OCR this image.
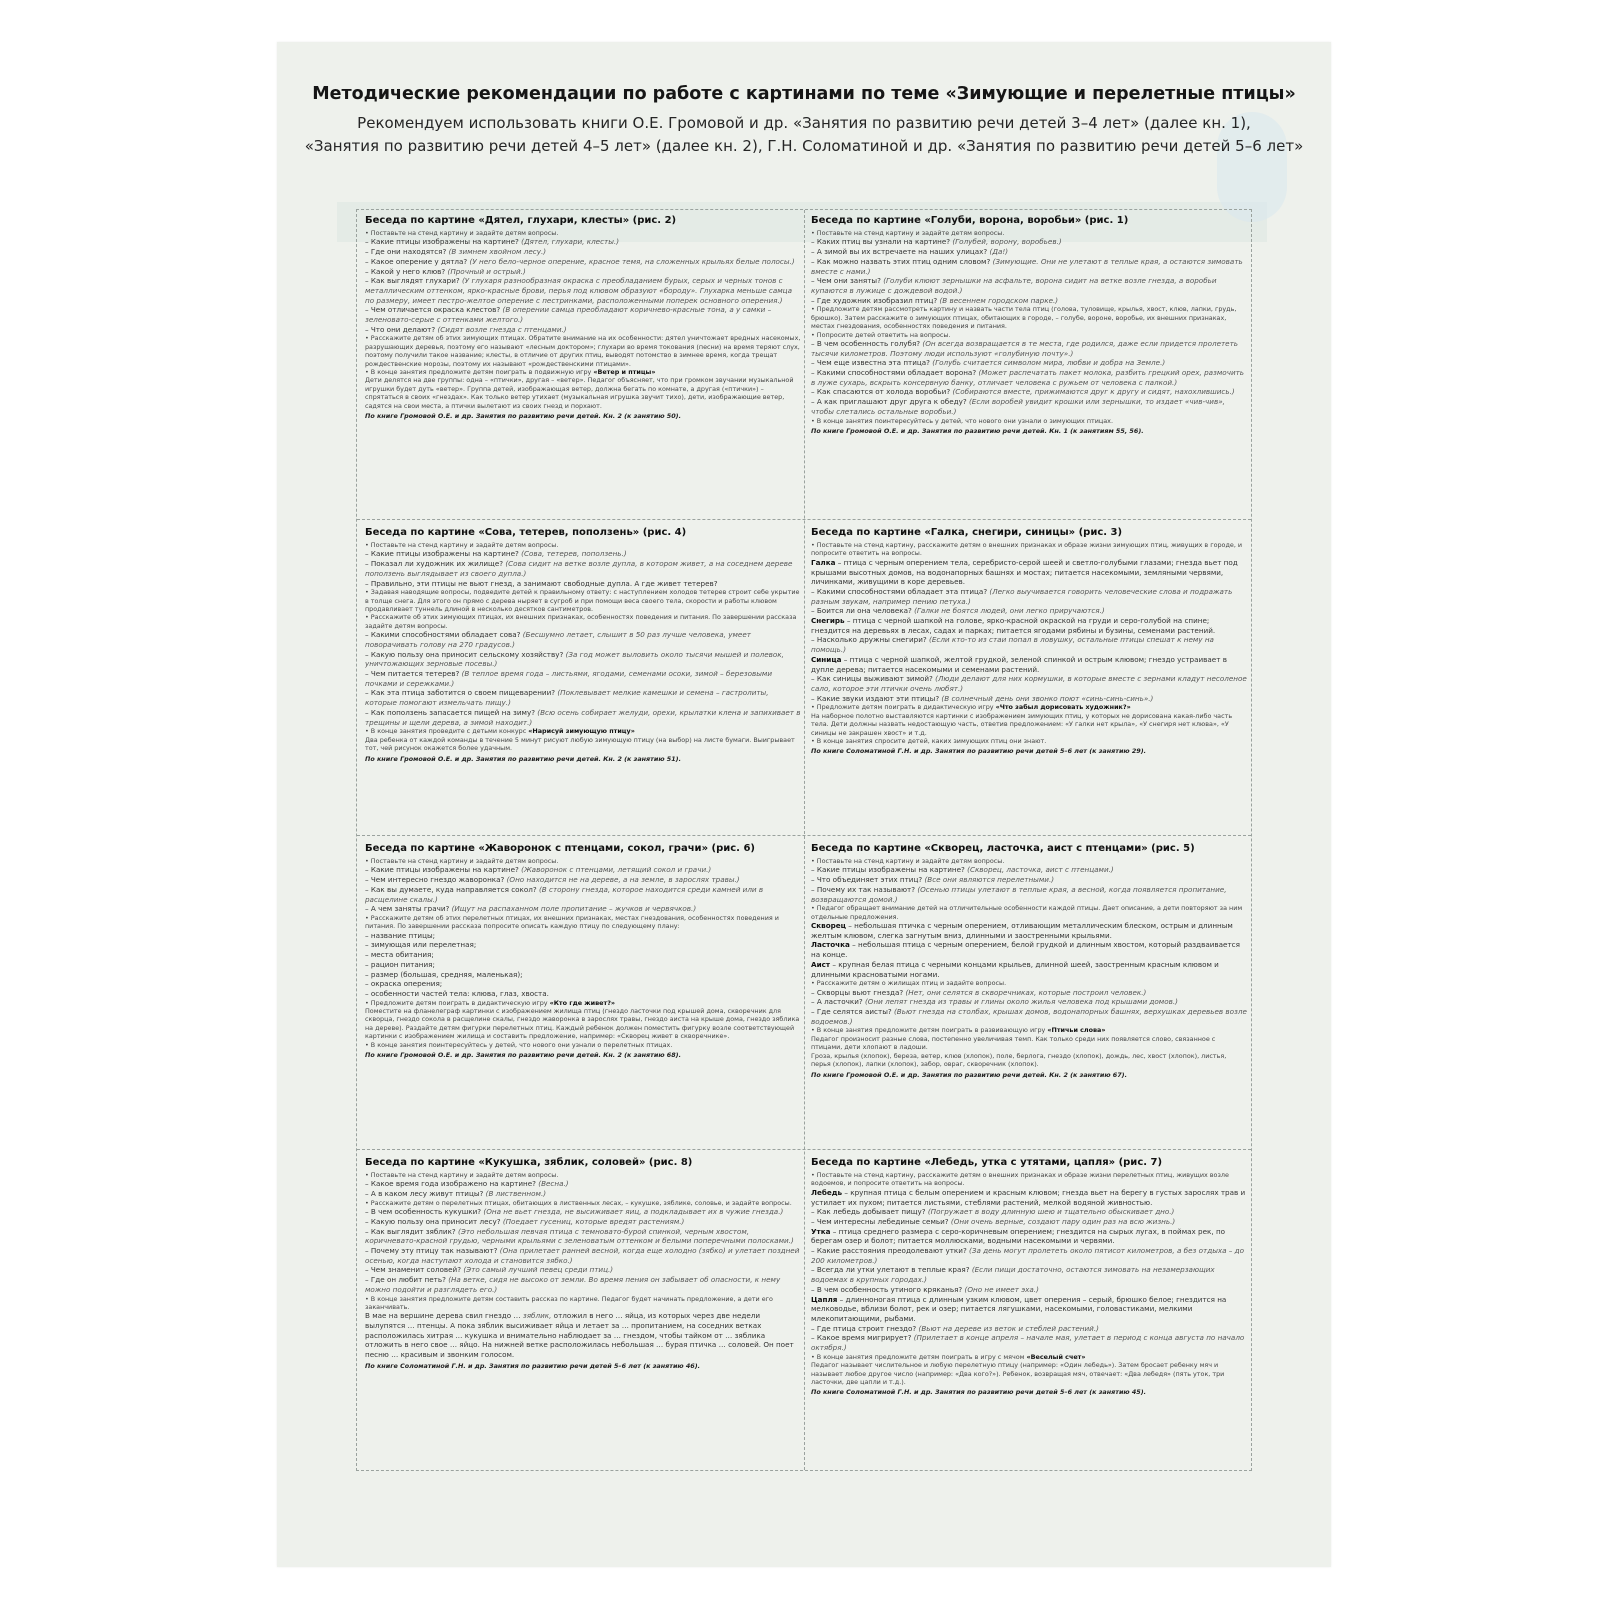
Методические рекомендации по работе с картинами по теме «Зимующие и перелетные птицы»
Рекомендуем использовать книги О.Е. Громовой и др. «Занятия по развитию речи детей 3–4 лет» (далее кн. 1),
«Занятия по развитию речи детей 4–5 лет» (далее кн. 2), Г.Н. Соломатиной и др. «Занятия по развитию речи детей 5–6 лет»
Беседа по картине «Дятел, глухари, клесты» (рис. 2)
• Поставьте на стенд картину и задайте детям вопросы.
– Какие птицы изображены на картине? (Дятел, глухари, клесты.)
– Где они находятся? (В зимнем хвойном лесу.)
– Какое оперение у дятла? (У него бело-черное оперение, красное темя, на сложенных крыльях белые полосы.)
– Какой у него клюв? (Прочный и острый.)
– Как выглядят глухари? (У глухаря разнообразная окраска с преобладанием бурых, серых и черных тонов с металлическим оттенком, ярко-красные брови, перья под клювом образуют «бороду». Глухарка меньше самца по размеру, имеет пестро-желтое оперение с пестринками, расположенными поперек основного оперения.)
– Чем отличается окраска клестов? (В оперении самца преобладают коричнево-красные тона, а у самки – зеленовато-серые с оттенками желтого.)
– Что они делают? (Сидят возле гнезда с птенцами.)
• Расскажите детям об этих зимующих птицах. Обратите внимание на их особенности: дятел уничтожает вредных насекомых, разрушающих деревья, поэтому его называют «лесным доктором»; глухари во время токования (песни) на время теряют слух, поэтому получили такое название; клесты, в отличие от других птиц, выводят потомство в зимнее время, когда трещат рождественские морозы, поэтому их называют «рождественскими птицами».
• В конце занятия предложите детям поиграть в подвижную игру «Ветер и птицы»
Дети делятся на две группы: одна – «птички», другая – «ветер». Педагог объясняет, что при громком звучании музыкальной игрушки будет дуть «ветер». Группа детей, изображающая ветер, должна бегать по комнате, а другая («птички») – спрятаться в своих «гнездах». Как только ветер утихает (музыкальная игрушка звучит тихо), дети, изображающие ветер, садятся на свои места, а птички вылетают из своих гнезд и порхают.
По книге Громовой О.Е. и др. Занятия по развитию речи детей. Кн. 2 (к занятию 50).
Беседа по картине «Голуби, ворона, воробьи» (рис. 1)
• Поставьте на стенд картину и задайте детям вопросы.
– Каких птиц вы узнали на картине? (Голубей, ворону, воробьев.)
– А зимой вы их встречаете на наших улицах? (Да!)
– Как можно назвать этих птиц одним словом? (Зимующие. Они не улетают в теплые края, а остаются зимовать вместе с нами.)
– Чем они заняты? (Голуби клюют зернышки на асфальте, ворона сидит на ветке возле гнезда, а воробьи купаются в лужице с дождевой водой.)
– Где художник изобразил птиц? (В весеннем городском парке.)
• Предложите детям рассмотреть картину и назвать части тела птиц (голова, туловище, крылья, хвост, клюв, лапки, грудь, брюшко). Затем расскажите о зимующих птицах, обитающих в городе, – голубе, вороне, воробье, их внешних признаках, местах гнездования, особенностях поведения и питания.
• Попросите детей ответить на вопросы.
– В чем особенность голубя? (Он всегда возвращается в те места, где родился, даже если придется пролететь тысячи километров. Поэтому люди используют «голубиную почту».)
– Чем еще известна эта птица? (Голубь считается символом мира, любви и добра на Земле.)
– Какими способностями обладает ворона? (Может распечатать пакет молока, разбить грецкий орех, размочить в луже сухарь, вскрыть консервную банку, отличает человека с ружьем от человека с палкой.)
– Как спасаются от холода воробьи? (Собираются вместе, прижимаются друг к другу и сидят, нахохлившись.)
– А как приглашают друг друга к обеду? (Если воробей увидит крошки или зернышки, то издает «чив-чив», чтобы слетались остальные воробьи.)
• В конце занятия поинтересуйтесь у детей, что нового они узнали о зимующих птицах.
По книге Громовой О.Е. и др. Занятия по развитию речи детей. Кн. 1 (к занятиям 55, 56).
Беседа по картине «Сова, тетерев, поползень» (рис. 4)
• Поставьте на стенд картину и задайте детям вопросы.
– Какие птицы изображены на картине? (Сова, тетерев, поползень.)
– Показал ли художник их жилище? (Сова сидит на ветке возле дупла, в котором живет, а на соседнем дереве поползень выглядывает из своего дупла.)
– Правильно, эти птицы не вьют гнезд, а занимают свободные дупла. А где живет тетерев?
• Задавая наводящие вопросы, подведите детей к правильному ответу: с наступлением холодов тетерев строит себе укрытие в толще снега. Для этого он прямо с дерева ныряет в сугроб и при помощи веса своего тела, скорости и работы клювом продавливает туннель длиной в несколько десятков сантиметров.
• Расскажите об этих зимующих птицах, их внешних признаках, особенностях поведения и питания. По завершении рассказа задайте детям вопросы.
– Какими способностями обладает сова? (Бесшумно летает, слышит в 50 раз лучше человека, умеет поворачивать голову на 270 градусов.)
– Какую пользу она приносит сельскому хозяйству? (За год может выловить около тысячи мышей и полевок, уничтожающих зерновые посевы.)
– Чем питается тетерев? (В теплое время года – листьями, ягодами, семенами осоки, зимой – березовыми почками и сережками.)
– Как эта птица заботится о своем пищеварении? (Поклевывает мелкие камешки и семена – гастролиты, которые помогают измельчать пищу.)
– Как поползень запасается пищей на зиму? (Всю осень собирает желуди, орехи, крылатки клена и запихивает в трещины и щели дерева, а зимой находит.)
• В конце занятия проведите с детьми конкурс «Нарисуй зимующую птицу»
Два ребенка от каждой команды в течение 5 минут рисуют любую зимующую птицу (на выбор) на листе бумаги. Выигрывает тот, чей рисунок окажется более удачным.
По книге Громовой О.Е. и др. Занятия по развитию речи детей. Кн. 2 (к занятию 51).
Беседа по картине «Галка, снегири, синицы» (рис. 3)
• Поставьте на стенд картину, расскажите детям о внешних признаках и образе жизни зимующих птиц, живущих в городе, и попросите ответить на вопросы.
Галка – птица с черным оперением тела, серебристо-серой шеей и светло-голубыми глазами; гнезда вьет под крышами высотных домов, на водонапорных башнях и мостах; питается насекомыми, земляными червями, личинками, живущими в коре деревьев.
– Какими способностями обладает эта птица? (Легко выучивается говорить человеческие слова и подражать разным звукам, например пению петуха.)
– Боится ли она человека? (Галки не боятся людей, они легко приручаются.)
Снегирь – птица с черной шапкой на голове, ярко-красной окраской на груди и серо-голубой на спине; гнездится на деревьях в лесах, садах и парках; питается ягодами рябины и бузины, семенами растений.
– Насколько дружны снегири? (Если кто-то из стаи попал в ловушку, остальные птицы спешат к нему на помощь.)
Синица – птица с черной шапкой, желтой грудкой, зеленой спинкой и острым клювом; гнездо устраивает в дупле дерева; питается насекомыми и семенами растений.
– Как синицы выживают зимой? (Люди делают для них кормушки, в которые вместе с зернами кладут несоленое сало, которое эти птички очень любят.)
– Какие звуки издают эти птицы? (В солнечный день они звонко поют «синь-синь-синь».)
• Предложите детям поиграть в дидактическую игру «Что забыл дорисовать художник?»
На наборное полотно выставляются картинки с изображением зимующих птиц, у которых не дорисована какая-либо часть тела. Дети должны назвать недостающую часть, ответив предложением: «У галки нет крыла», «У снегиря нет клюва», «У синицы не закрашен хвост» и т.д.
• В конце занятия спросите детей, каких зимующих птиц они знают.
По книге Соломатиной Г.Н. и др. Занятия по развитию речи детей 5–6 лет (к занятию 29).
Беседа по картине «Жаворонок с птенцами, сокол, грачи» (рис. 6)
• Поставьте на стенд картину и задайте детям вопросы.
– Какие птицы изображены на картине? (Жаворонок с птенцами, летящий сокол и грачи.)
– Чем интересно гнездо жаворонка? (Оно находится не на дереве, а на земле, в зарослях травы.)
– Как вы думаете, куда направляется сокол? (В сторону гнезда, которое находится среди камней или в расщелине скалы.)
– А чем заняты грачи? (Ищут на распаханном поле пропитание – жучков и червячков.)
• Расскажите детям об этих перелетных птицах, их внешних признаках, местах гнездования, особенностях поведения и питания. По завершении рассказа попросите описать каждую птицу по следующему плану:
– название птицы;
– зимующая или перелетная;
– места обитания;
– рацион питания;
– размер (большая, средняя, маленькая);
– окраска оперения;
– особенности частей тела: клюва, глаз, хвоста.
• Предложите детям поиграть в дидактическую игру «Кто где живет?»
Поместите на фланелеграф картинки с изображением жилища птиц (гнездо ласточки под крышей дома, скворечник для скворца, гнездо сокола в расщелине скалы, гнездо жаворонка в зарослях травы, гнездо аиста на крыше дома, гнездо зяблика на дереве). Раздайте детям фигурки перелетных птиц. Каждый ребенок должен поместить фигурку возле соответствующей картинки с изображением жилища и составить предложение, например: «Скворец живет в скворечнике».
• В конце занятия поинтересуйтесь у детей, что нового они узнали о перелетных птицах.
По книге Громовой О.Е. и др. Занятия по развитию речи детей. Кн. 2 (к занятию 68).
Беседа по картине «Скворец, ласточка, аист с птенцами» (рис. 5)
• Поставьте на стенд картину и задайте детям вопросы.
– Какие птицы изображены на картине? (Скворец, ласточка, аист с птенцами.)
– Что объединяет этих птиц? (Все они являются перелетными.)
– Почему их так называют? (Осенью птицы улетают в теплые края, а весной, когда появляется пропитание, возвращаются домой.)
• Педагог обращает внимание детей на отличительные особенности каждой птицы. Дает описание, а дети повторяют за ним отдельные предложения.
Скворец – небольшая птичка с черным оперением, отливающим металлическим блеском, острым и длинным желтым клювом, слегка загнутым вниз, длинными и заостренными крыльями.
Ласточка – небольшая птица с черным оперением, белой грудкой и длинным хвостом, который раздваивается на конце.
Аист – крупная белая птица с черными концами крыльев, длинной шеей, заостренным красным клювом и длинными красноватыми ногами.
• Расскажите детям о жилищах птиц и задайте вопросы.
– Скворцы вьют гнезда? (Нет, они селятся в скворечниках, которые построил человек.)
– А ласточки? (Они лепят гнезда из травы и глины около жилья человека под крышами домов.)
– Где селятся аисты? (Вьют гнезда на столбах, крышах домов, водонапорных башнях, верхушках деревьев возле водоемов.)
• В конце занятия предложите детям поиграть в развивающую игру «Птичьи слова»
Педагог произносит разные слова, постепенно увеличивая темп. Как только среди них появляется слово, связанное с птицами, дети хлопают в ладоши.
Гроза, крылья (хлопок), береза, ветер, клюв (хлопок), поле, берлога, гнездо (хлопок), дождь, лес, хвост (хлопок), листья, перья (хлопок), лапки (хлопок), забор, овраг, скворечник (хлопок).
По книге Громовой О.Е. и др. Занятия по развитию речи детей. Кн. 2 (к занятию 67).
Беседа по картине «Кукушка, зяблик, соловей» (рис. 8)
• Поставьте на стенд картину и задайте детям вопросы.
– Какое время года изображено на картине? (Весна.)
– А в каком лесу живут птицы? (В лиственном.)
• Расскажите детям о перелетных птицах, обитающих в лиственных лесах, – кукушке, зяблике, соловье, и задайте вопросы.
– В чем особенность кукушки? (Она не вьет гнезда, не высиживает яиц, а подкладывает их в чужие гнезда.)
– Какую пользу она приносит лесу? (Поедает гусениц, которые вредят растениям.)
– Как выглядит зяблик? (Это небольшая певчая птица с темновато-бурой спинкой, черным хвостом, коричневато-красной грудью, черными крыльями с зеленоватым оттенком и белыми поперечными полосками.)
– Почему эту птицу так называют? (Она прилетает ранней весной, когда еще холодно (зябко) и улетает поздней осенью, когда наступают холода и становится зябко.)
– Чем знаменит соловей? (Это самый лучший певец среди птиц.)
– Где он любит петь? (На ветке, сидя не высоко от земли. Во время пения он забывает об опасности, к нему можно подойти и разглядеть его.)
• В конце занятия предложите детям составить рассказ по картине. Педагог будет начинать предложение, а дети его заканчивать.
В мае на вершине дерева свил гнездо … зяблик, отложил в него … яйца, из которых через две недели вылупятся … птенцы. А пока зяблик высиживает яйца и летает за … пропитанием, на соседних ветках расположилась хитрая … кукушка и внимательно наблюдает за … гнездом, чтобы тайком от … зяблика отложить в него свое … яйцо. На нижней ветке расположилась небольшая … бурая птичка … соловей. Он поет песню … красивым и звонким голосом.
По книге Соломатиной Г.Н. и др. Занятия по развитию речи детей 5–6 лет (к занятию 46).
Беседа по картине «Лебедь, утка с утятами, цапля» (рис. 7)
• Поставьте на стенд картину, расскажите детям о внешних признаках и образе жизни перелетных птиц, живущих возле водоемов, и попросите ответить на вопросы.
Лебедь – крупная птица с белым оперением и красным клювом; гнезда вьет на берегу в густых зарослях трав и устилает их пухом; питается листьями, стеблями растений, мелкой водяной живностью.
– Как лебедь добывает пищу? (Погружает в воду длинную шею и тщательно обыскивает дно.)
– Чем интересны лебединые семьи? (Они очень верные, создают пару один раз на всю жизнь.)
Утка – птица среднего размера с серо-коричневым оперением; гнездится на сырых лугах, в поймах рек, по берегам озер и болот; питается моллюсками, водными насекомыми и червями.
– Какие расстояния преодолевают утки? (За день могут пролететь около пятисот километров, а без отдыха – до 200 километров.)
– Всегда ли утки улетают в теплые края? (Если пищи достаточно, остаются зимовать на незамерзающих водоемах в крупных городах.)
– В чем особенность утиного кряканья? (Оно не имеет эха.)
Цапля – длинноногая птица с длинным узким клювом, цвет оперения – серый, брюшко белое; гнездится на мелководье, вблизи болот, рек и озер; питается лягушками, насекомыми, головастиками, мелкими млекопитающими, рыбами.
– Где птица строит гнездо? (Вьют на дереве из веток и стеблей растений.)
– Какое время мигрирует? (Прилетает в конце апреля – начале мая, улетает в период с конца августа по начало октября.)
• В конце занятия предложите детям поиграть в игру с мячом «Веселый счет»
Педагог называет числительное и любую перелетную птицу (например: «Один лебедь»). Затем бросает ребенку мяч и называет любое другое число (например: «Два кого?»). Ребенок, возвращая мяч, отвечает: «Два лебедя» (пять уток, три ласточки, две цапли и т.д.).
По книге Соломатиной Г.Н. и др. Занятия по развитию речи детей 5–6 лет (к занятию 45).
